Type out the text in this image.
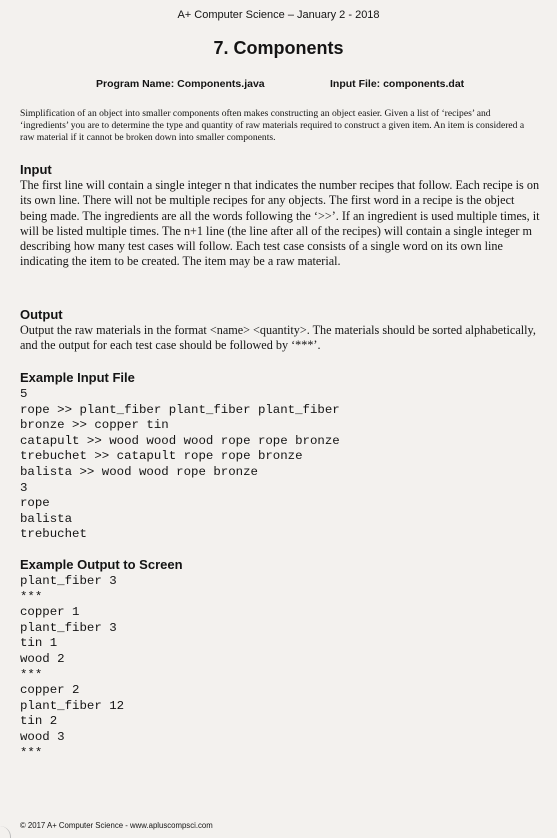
A+ Computer Science – January 2 - 2018
7. Components
Program Name: Components.java	Input File: components.dat
Simplification of an object into smaller components often makes constructing an object easier. Given a list of ‘recipes’ and ‘ingredients’ you are to determine the type and quantity of raw materials required to construct a given item. An item is considered a raw material if it cannot be broken down into smaller components.
Input
The first line will contain a single integer n that indicates the number recipes that follow. Each recipe is on its own line. There will not be multiple recipes for any objects. The first word in a recipe is the object being made. The ingredients are all the words following the ‘>>’. If an ingredient is used multiple times, it will be listed multiple times. The n+1 line (the line after all of the recipes) will contain a single integer m describing how many test cases will follow. Each test case consists of a single word on its own line indicating the item to be created. The item may be a raw material.
Output
Output the raw materials in the format <name> <quantity>. The materials should be sorted alphabetically, and the output for each test case should be followed by ‘***’.
Example Input File
5
rope >> plant_fiber plant_fiber plant_fiber
bronze >> copper tin
catapult >> wood wood wood rope rope bronze
trebuchet >> catapult rope rope bronze
balista >> wood wood rope bronze
3
rope
balista
trebuchet
Example Output to Screen
plant_fiber 3
***
copper 1
plant_fiber 3
tin 1
wood 2
***
copper 2
plant_fiber 12
tin 2
wood 3
***
© 2017 A+ Computer Science - www.apluscompsci.com
